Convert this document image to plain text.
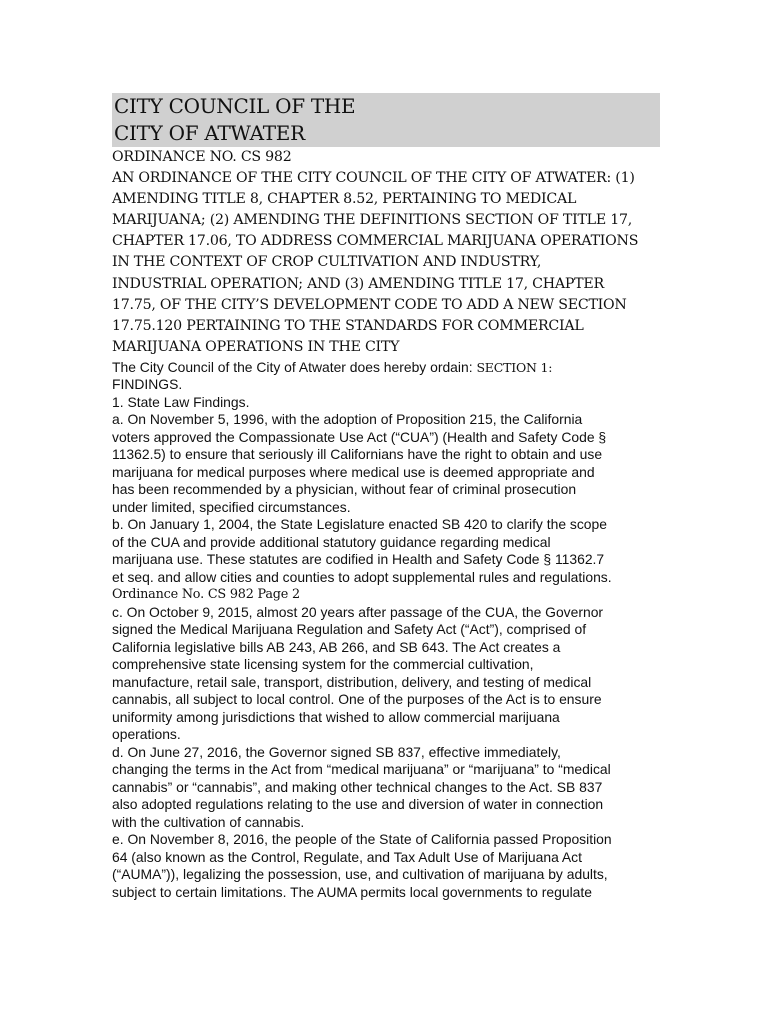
CITY COUNCIL OF THE
CITY OF ATWATER
ORDINANCE NO. CS 982
AN ORDINANCE OF THE CITY COUNCIL OF THE CITY OF ATWATER: (1)
AMENDING TITLE 8, CHAPTER 8.52, PERTAINING TO MEDICAL
MARIJUANA; (2) AMENDING THE DEFINITIONS SECTION OF TITLE 17,
CHAPTER 17.06, TO ADDRESS COMMERCIAL MARIJUANA OPERATIONS
IN THE CONTEXT OF CROP CULTIVATION AND INDUSTRY,
INDUSTRIAL OPERATION; AND (3) AMENDING TITLE 17, CHAPTER
17.75, OF THE CITY’S DEVELOPMENT CODE TO ADD A NEW SECTION
17.75.120 PERTAINING TO THE STANDARDS FOR COMMERCIAL
MARIJUANA OPERATIONS IN THE CITY
The City Council of the City of Atwater does hereby ordain: SECTION 1:
FINDINGS.
1. State Law Findings.
a. On November 5, 1996, with the adoption of Proposition 215, the California
voters approved the Compassionate Use Act (“CUA”) (Health and Safety Code §
11362.5) to ensure that seriously ill Californians have the right to obtain and use
marijuana for medical purposes where medical use is deemed appropriate and
has been recommended by a physician, without fear of criminal prosecution
under limited, specified circumstances.
b. On January 1, 2004, the State Legislature enacted SB 420 to clarify the scope
of the CUA and provide additional statutory guidance regarding medical
marijuana use. These statutes are codified in Health and Safety Code § 11362.7
et seq. and allow cities and counties to adopt supplemental rules and regulations.
Ordinance No. CS 982 Page 2
c. On October 9, 2015, almost 20 years after passage of the CUA, the Governor
signed the Medical Marijuana Regulation and Safety Act (“Act”), comprised of
California legislative bills AB 243, AB 266, and SB 643. The Act creates a
comprehensive state licensing system for the commercial cultivation,
manufacture, retail sale, transport, distribution, delivery, and testing of medical
cannabis, all subject to local control. One of the purposes of the Act is to ensure
uniformity among jurisdictions that wished to allow commercial marijuana
operations.
d. On June 27, 2016, the Governor signed SB 837, effective immediately,
changing the terms in the Act from “medical marijuana” or “marijuana” to “medical
cannabis” or “cannabis”, and making other technical changes to the Act. SB 837
also adopted regulations relating to the use and diversion of water in connection
with the cultivation of cannabis.
e. On November 8, 2016, the people of the State of California passed Proposition
64 (also known as the Control, Regulate, and Tax Adult Use of Marijuana Act
(“AUMA”)), legalizing the possession, use, and cultivation of marijuana by adults,
subject to certain limitations. The AUMA permits local governments to regulate
